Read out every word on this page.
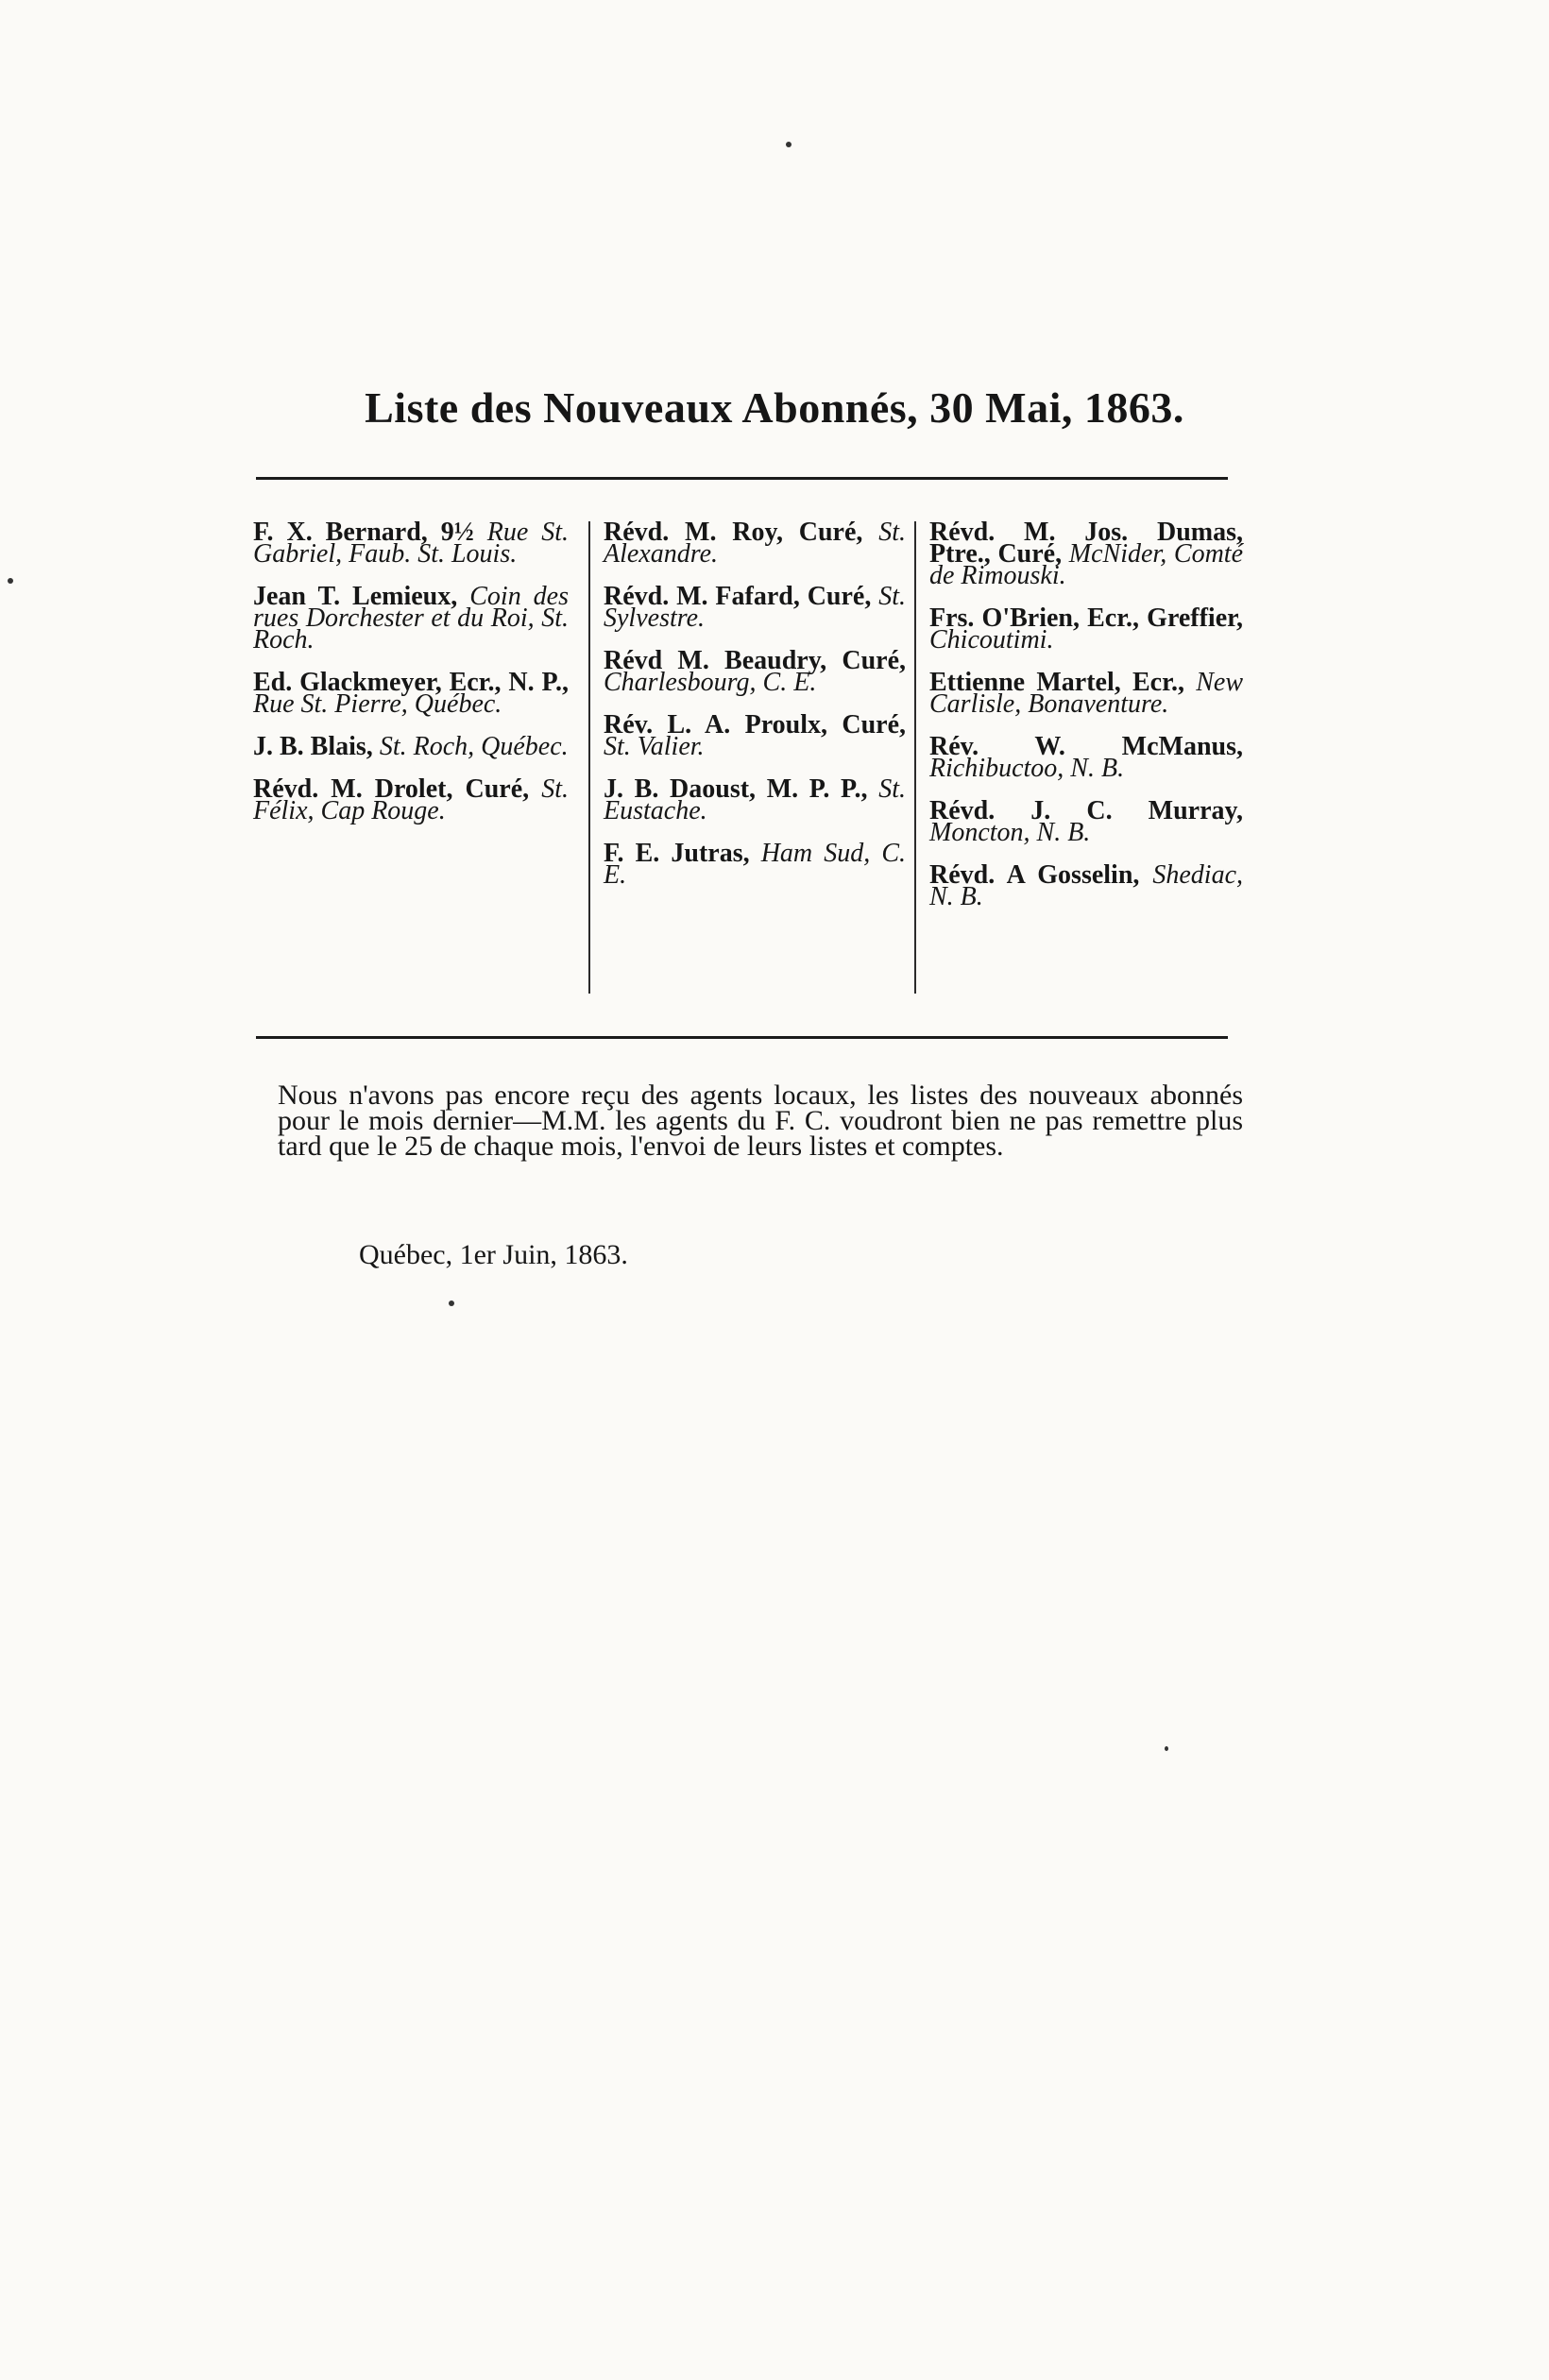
Liste des Nouveaux Abonnés, 30 Mai, 1863.
F. X. Bernard, 9½ Rue St. Gabriel, Faub. St. Louis.
Jean T. Lemieux, Coin des rues Dorchester et du Roi, St. Roch.
Ed. Glackmeyer, Ecr., N. P., Rue St. Pierre, Québec.
J. B. Blais, St. Roch, Québec.
Révd. M. Drolet, Curé, St. Félix, Cap Rouge.
Révd. M. Roy, Curé, St. Alexandre.
Révd. M. Fafard, Curé, St. Sylvestre.
Révd M. Beaudry, Curé, Charlesbourg, C. E.
Rév. L. A. Proulx, Curé, St. Valier.
J. B. Daoust, M. P. P., St. Eustache.
F. E. Jutras, Ham Sud, C. E.
Révd. M. Jos. Dumas, Ptre., Curé, McNider, Comté de Rimouski.
Frs. O'Brien, Ecr., Greffier, Chicoutimi.
Ettienne Martel, Ecr., New Carlisle, Bonaventure.
Rév. W. McManus, Richibuctoo, N. B.
Révd. J. C. Murray, Moncton, N. B.
Révd. A Gosselin, Shediac, N. B.

Nous n'avons pas encore reçu des agents locaux, les listes des nouveaux abonnés pour le mois dernier—M.M. les agents du F. C. voudront bien ne pas remettre plus tard que le 25 de chaque mois, l'envoi de leurs listes et comptes.

Québec, 1er Juin, 1863.
